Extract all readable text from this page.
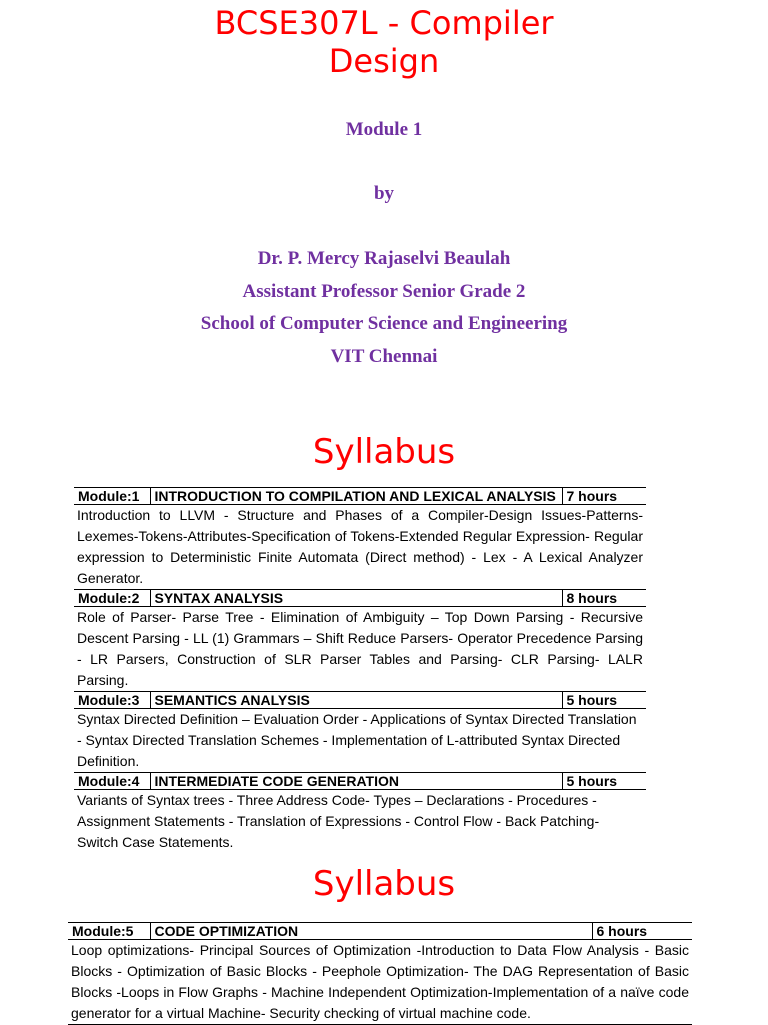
BCSE307L - Compiler
Design
Module 1
by
Dr. P. Mercy Rajaselvi Beaulah
Assistant Professor Senior Grade 2
School of Computer Science and Engineering
VIT Chennai
Syllabus
Module:1	INTRODUCTION TO COMPILATION AND LEXICAL ANALYSIS	7 hours
Introduction to LLVM - Structure and Phases of a Compiler-Design Issues-Patterns-Lexemes-Tokens-Attributes-Specification of Tokens-Extended Regular Expression- Regular expression to Deterministic Finite Automata (Direct method) - Lex - A Lexical Analyzer Generator.		
Module:2	SYNTAX ANALYSIS	8 hours
Role of Parser- Parse Tree - Elimination of Ambiguity – Top Down Parsing - Recursive Descent Parsing - LL (1) Grammars – Shift Reduce Parsers- Operator Precedence Parsing - LR Parsers, Construction of SLR Parser Tables and Parsing- CLR Parsing- LALR Parsing.		
Module:3	SEMANTICS ANALYSIS	5 hours
Syntax Directed Definition – Evaluation Order - Applications of Syntax Directed Translation - Syntax Directed Translation Schemes - Implementation of L-attributed Syntax Directed Definition.		
Module:4	INTERMEDIATE CODE GENERATION	5 hours
Variants of Syntax trees - Three Address Code- Types – Declarations - Procedures - Assignment Statements - Translation of Expressions - Control Flow - Back Patching- Switch Case Statements.		
Syllabus
Module:5	CODE OPTIMIZATION	6 hours
Loop optimizations- Principal Sources of Optimization -Introduction to Data Flow Analysis - Basic Blocks - Optimization of Basic Blocks - Peephole Optimization- The DAG Representation of Basic Blocks -Loops in Flow Graphs - Machine Independent Optimization-Implementation of a naïve code generator for a virtual Machine- Security checking of virtual machine code.
